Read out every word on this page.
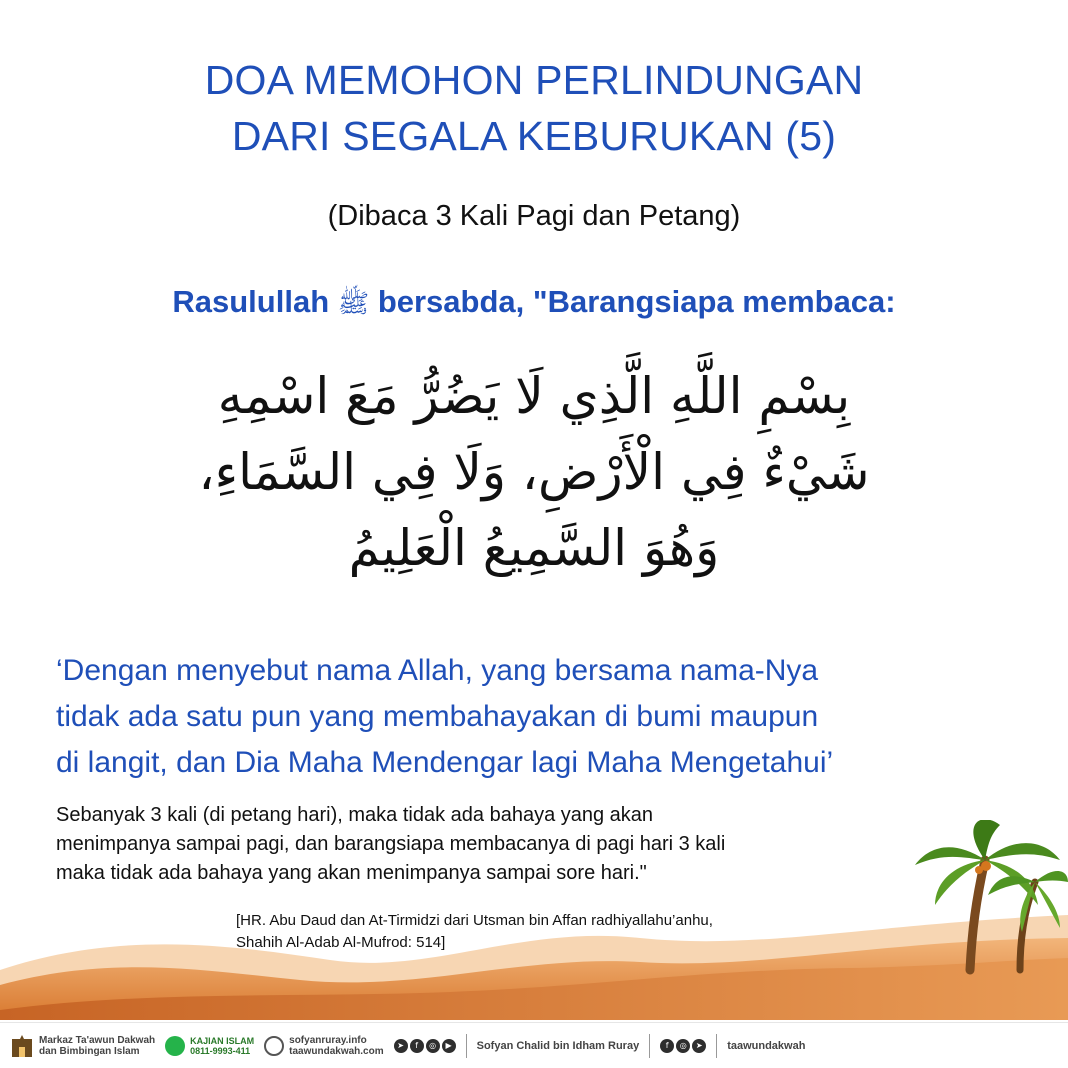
DOA MEMOHON PERLINDUNGAN
DARI SEGALA KEBURUKAN (5)
(Dibaca 3 Kali Pagi dan Petang)
Rasulullah ﷺ bersabda, "Barangsiapa membaca:
بِسْمِ اللَّهِ الَّذِي لَا يَضُرُّ مَعَ اسْمِهِ
شَيْءٌ فِي الْأَرْضِ، وَلَا فِي السَّمَاءِ،
وَهُوَ السَّمِيعُ الْعَلِيمُ
‘Dengan menyebut nama Allah, yang bersama nama-Nya
tidak ada satu pun yang membahayakan di bumi maupun
di langit, dan Dia Maha Mendengar lagi Maha Mengetahui’
Sebanyak 3 kali (di petang hari), maka tidak ada bahaya yang akan
menimpanya sampai pagi, dan barangsiapa membacanya di pagi hari 3 kali
maka tidak ada bahaya yang akan menimpanya sampai sore hari."
[HR. Abu Daud dan At-Tirmidzi dari Utsman bin Affan radhiyallahu’anhu,
Shahih Al-Adab Al-Mufrod: 514]
Markaz Ta'awun Dakwah
dan Bimbingan Islam
KAJIAN ISLAM
0811-9993-411
sofyanruray.info
taawundakwah.com
➤	f	◎	▶	Sofyan Chalid bin Idham Ruray	f	◎	➤	taawundakwah
